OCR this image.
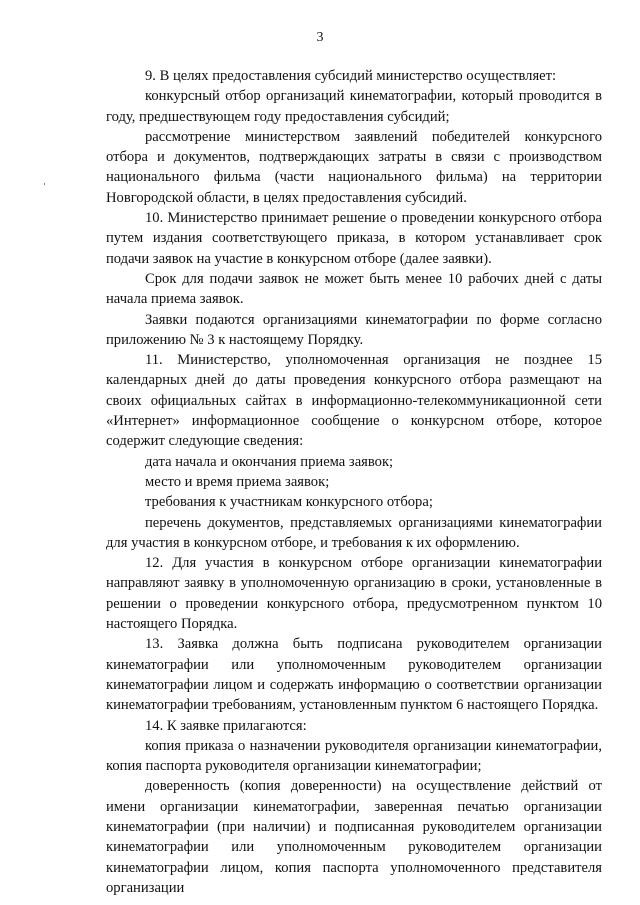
3

9. В целях предоставления субсидий министерство осуществляет:

конкурсный отбор организаций кинематографии, который проводится в году, предшествующем году предоставления субсидий;

рассмотрение министерством заявлений победителей конкурсного отбора и документов, подтверждающих затраты в связи с производством национального фильма (части национального фильма) на территории Новгородской области, в целях предоставления субсидий.

10. Министерство принимает решение о проведении конкурсного отбора путем издания соответствующего приказа, в котором устанавливает срок подачи заявок на участие в конкурсном отборе (далее заявки).

Срок для подачи заявок не может быть менее 10 рабочих дней с даты начала приема заявок.

Заявки подаются организациями кинематографии по форме согласно приложению № 3 к настоящему Порядку.

11. Министерство, уполномоченная организация не позднее 15 календарных дней до даты проведения конкурсного отбора размещают на своих официальных сайтах в информационно-телекоммуникационной сети «Интернет» информационное сообщение о конкурсном отборе, которое содержит следующие сведения:

дата начала и окончания приема заявок;

место и время приема заявок;

требования к участникам конкурсного отбора;

перечень документов, представляемых организациями кинематографии для участия в конкурсном отборе, и требования к их оформлению.

12. Для участия в конкурсном отборе организации кинематографии направляют заявку в уполномоченную организацию в сроки, установленные в решении о проведении конкурсного отбора, предусмотренном пунктом 10 настоящего Порядка.

13. Заявка должна быть подписана руководителем организации кинематографии или уполномоченным руководителем организации кинематографии лицом и содержать информацию о соответствии организации кинематографии требованиям, установленным пунктом 6 настоящего Порядка.

14. К заявке прилагаются:

копия приказа о назначении руководителя организации кинематографии, копия паспорта руководителя организации кинематографии;

доверенность (копия доверенности) на осуществление действий от имени организации кинематографии, заверенная печатью организации кинематографии (при наличии) и подписанная руководителем организации кинематографии или уполномоченным руководителем организации кинематографии лицом, копия паспорта уполномоченного представителя организации
